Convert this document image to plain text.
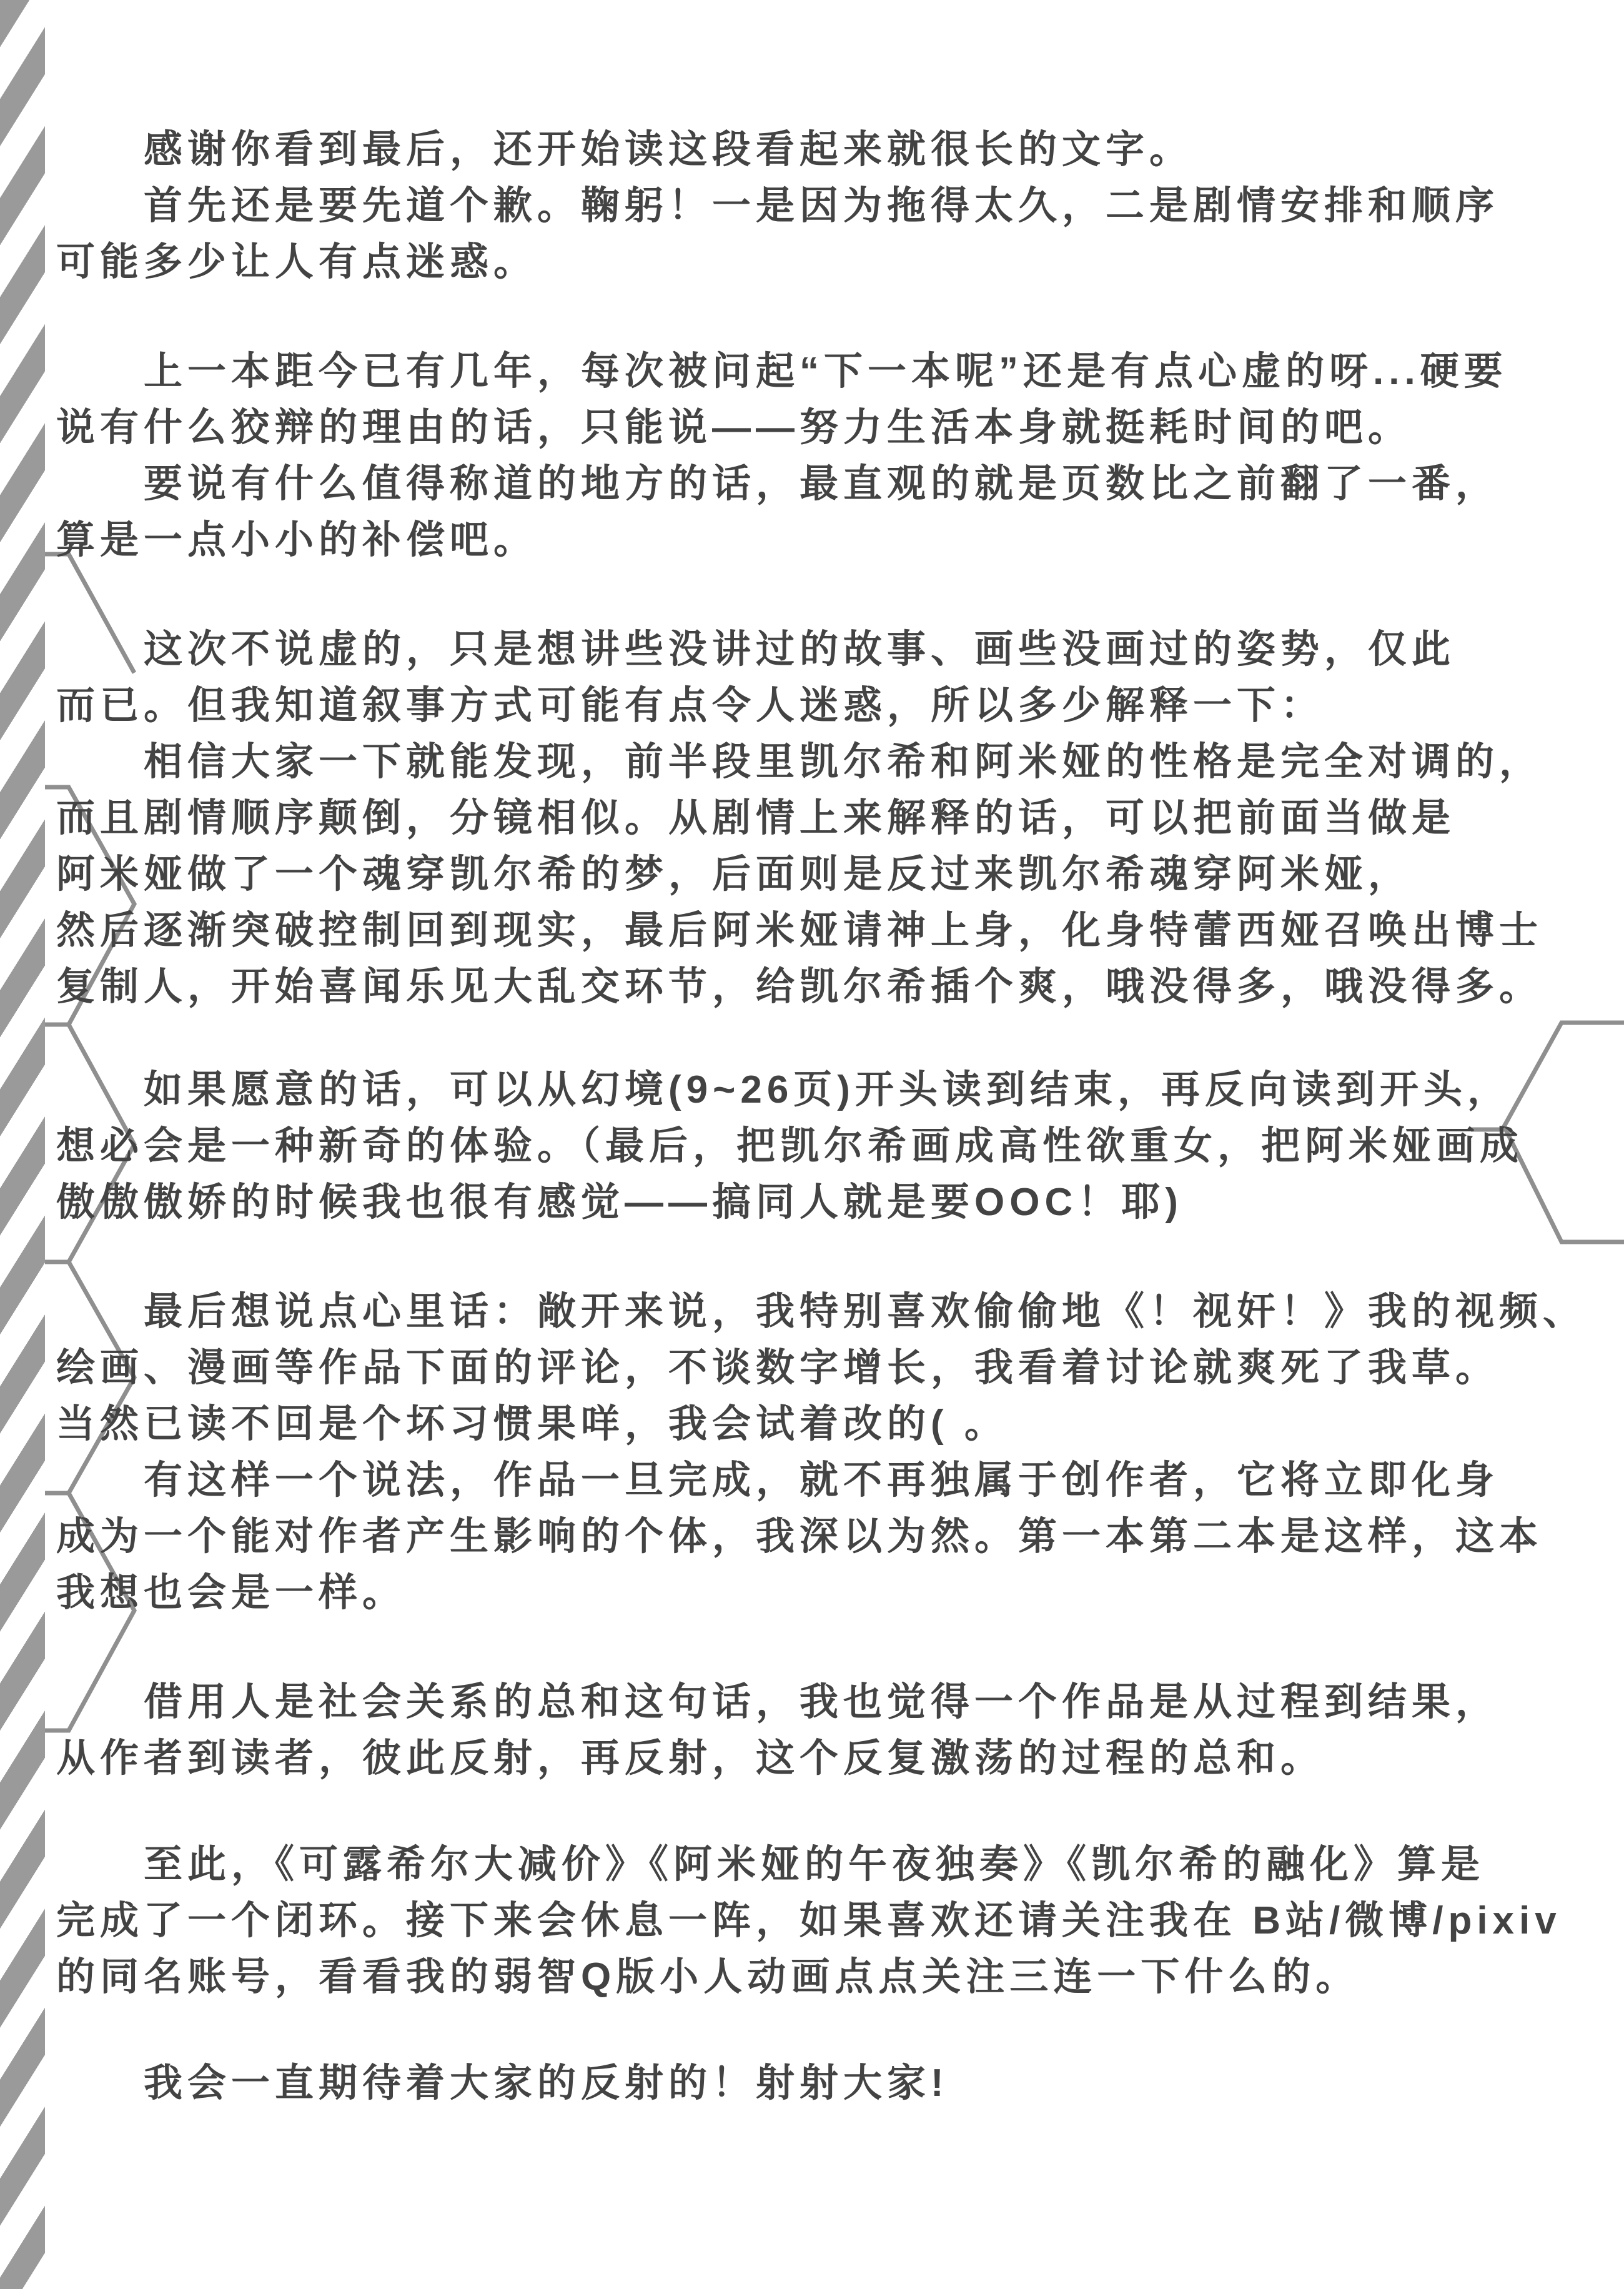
感谢你看到最后，还开始读这段看起来就很长的文字。
首先还是要先道个歉。鞠躬！一是因为拖得太久，二是剧情安排和顺序
可能多少让人有点迷惑。
上一本距今已有几年，每次被问起“下一本呢”还是有点心虚的呀...硬要
说有什么狡辩的理由的话，只能说——努力生活本身就挺耗时间的吧。
要说有什么值得称道的地方的话，最直观的就是页数比之前翻了一番，
算是一点小小的补偿吧。
这次不说虚的，只是想讲些没讲过的故事、画些没画过的姿势，仅此
而已。但我知道叙事方式可能有点令人迷惑，所以多少解释一下：
相信大家一下就能发现，前半段里凯尔希和阿米娅的性格是完全对调的，
而且剧情顺序颠倒，分镜相似。从剧情上来解释的话，可以把前面当做是
阿米娅做了一个魂穿凯尔希的梦，后面则是反过来凯尔希魂穿阿米娅，
然后逐渐突破控制回到现实，最后阿米娅请神上身，化身特蕾西娅召唤出博士
复制人，开始喜闻乐见大乱交环节，给凯尔希插个爽，哦没得多，哦没得多。
如果愿意的话，可以从幻境(9~26页)开头读到结束，再反向读到开头，
想必会是一种新奇的体验。（最后，把凯尔希画成高性欲重女，把阿米娅画成
傲傲傲娇的时候我也很有感觉——搞同人就是要OOC！耶)
最后想说点心里话：敞开来说，我特别喜欢偷偷地《！视奸！》我的视频、
绘画、漫画等作品下面的评论，不谈数字增长，我看着讨论就爽死了我草。
当然已读不回是个坏习惯果咩，我会试着改的( 。
有这样一个说法，作品一旦完成，就不再独属于创作者，它将立即化身
成为一个能对作者产生影响的个体，我深以为然。第一本第二本是这样，这本
我想也会是一样。
借用人是社会关系的总和这句话，我也觉得一个作品是从过程到结果，
从作者到读者，彼此反射，再反射，这个反复激荡的过程的总和。
至此，《可露希尔大减价》《阿米娅的午夜独奏》《凯尔希的融化》算是
完成了一个闭环。接下来会休息一阵，如果喜欢还请关注我在 B站/微博/pixiv
的同名账号，看看我的弱智Q版小人动画点点关注三连一下什么的。
我会一直期待着大家的反射的！射射大家!
